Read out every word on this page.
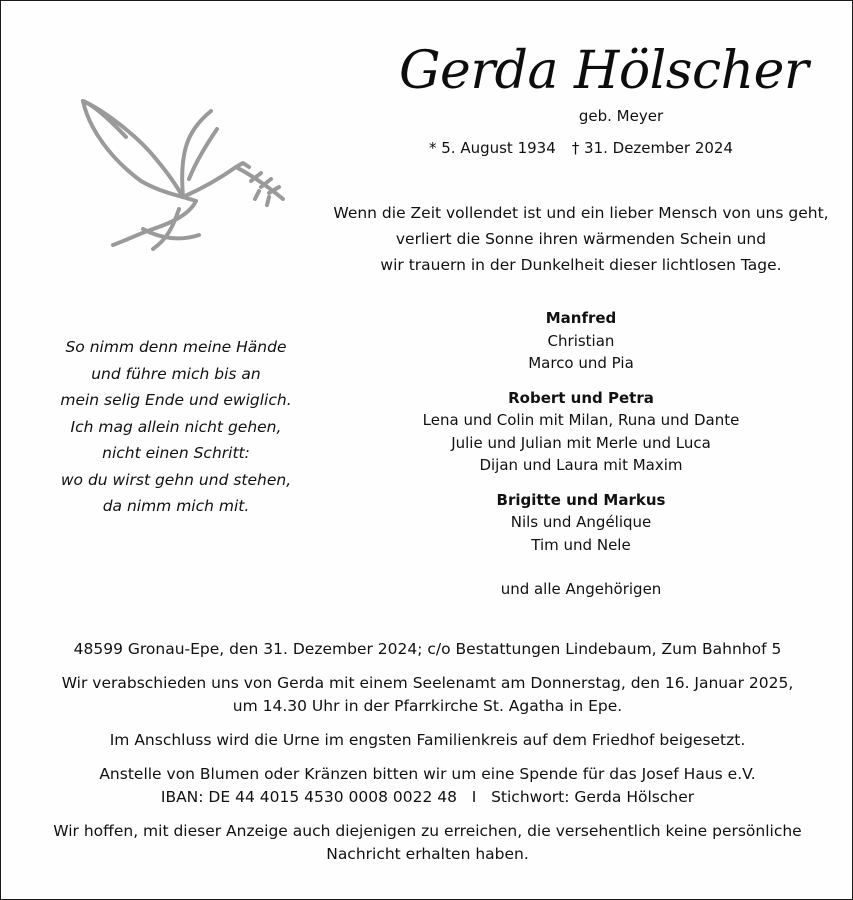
Gerda Hölscher
geb. Meyer
* 5. August 1934 † 31. Dezember 2024
Wenn die Zeit vollendet ist und ein lieber Mensch von uns geht,
verliert die Sonne ihren wärmenden Schein und
wir trauern in der Dunkelheit dieser lichtlosen Tage.
So nimm denn meine Hände
und führe mich bis an
mein selig Ende und ewiglich.
Ich mag allein nicht gehen,
nicht einen Schritt:
wo du wirst gehn und stehen,
da nimm mich mit.
Manfred
Christian
Marco und Pia
Robert und Petra
Lena und Colin mit Milan, Runa und Dante
Julie und Julian mit Merle und Luca
Dijan und Laura mit Maxim
Brigitte und Markus
Nils und Angélique
Tim und Nele
und alle Angehörigen

48599 Gronau-Epe, den 31. Dezember 2024; c/o Bestattungen Lindebaum, Zum Bahnhof 5

Wir verabschieden uns von Gerda mit einem Seelenamt am Donnerstag, den 16. Januar 2025,
um 14.30 Uhr in der Pfarrkirche St. Agatha in Epe.

Im Anschluss wird die Urne im engsten Familienkreis auf dem Friedhof beigesetzt.

Anstelle von Blumen oder Kränzen bitten wir um eine Spende für das Josef Haus e.V.
IBAN: DE 44 4015 4530 0008 0022 48   I   Stichwort: Gerda Hölscher

Wir hoffen, mit dieser Anzeige auch diejenigen zu erreichen, die versehentlich keine persönliche
Nachricht erhalten haben.
